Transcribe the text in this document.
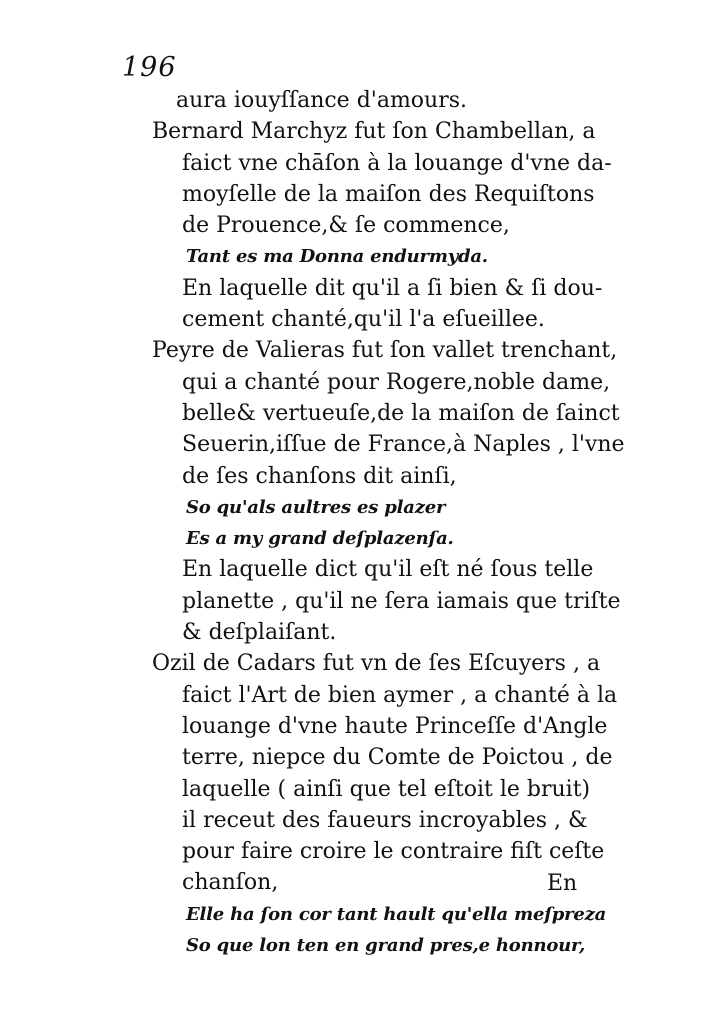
196
aura iouyſſance d'amours.
Bernard Marchyz fut ſon Chambellan, a
faict vne chāſon à la louange d'vne da-
moyſelle de la maiſon des Requiſtons
de Prouence,& ſe commence,
Tant es ma Donna endurmyda.
En laquelle dit qu'il a ſi bien & ſi dou-
cement chanté,qu'il l'a eſueillee.
Peyre de Valieras fut ſon vallet trenchant,
qui a chanté pour Rogere,noble dame,
belle& vertueuſe,de la maiſon de ſainct
Seuerin,iſſue de France,à Naples , l'vne
de ſes chanſons dit ainſi,
So qu'als aultres es plazer
Es a my grand deſplazenſa.
En laquelle dict qu'il eſt né ſous telle
planette , qu'il ne ſera iamais que triſte
& deſplaiſant.
Ozil de Cadars fut vn de ſes Eſcuyers , a
faict l'Art de bien aymer , a chanté à la
louange d'vne haute Princeſſe d'Angle
terre, niepce du Comte de Poictou , de
laquelle ( ainſi que tel eſtoit le bruit)
il receut des faueurs incroyables , &
pour faire croire le contraire fiſt ceſte
chanſon,
Elle ha ſon cor tant hault qu'ella meſpreza
So que lon ten en grand pres,e honnour,
En
